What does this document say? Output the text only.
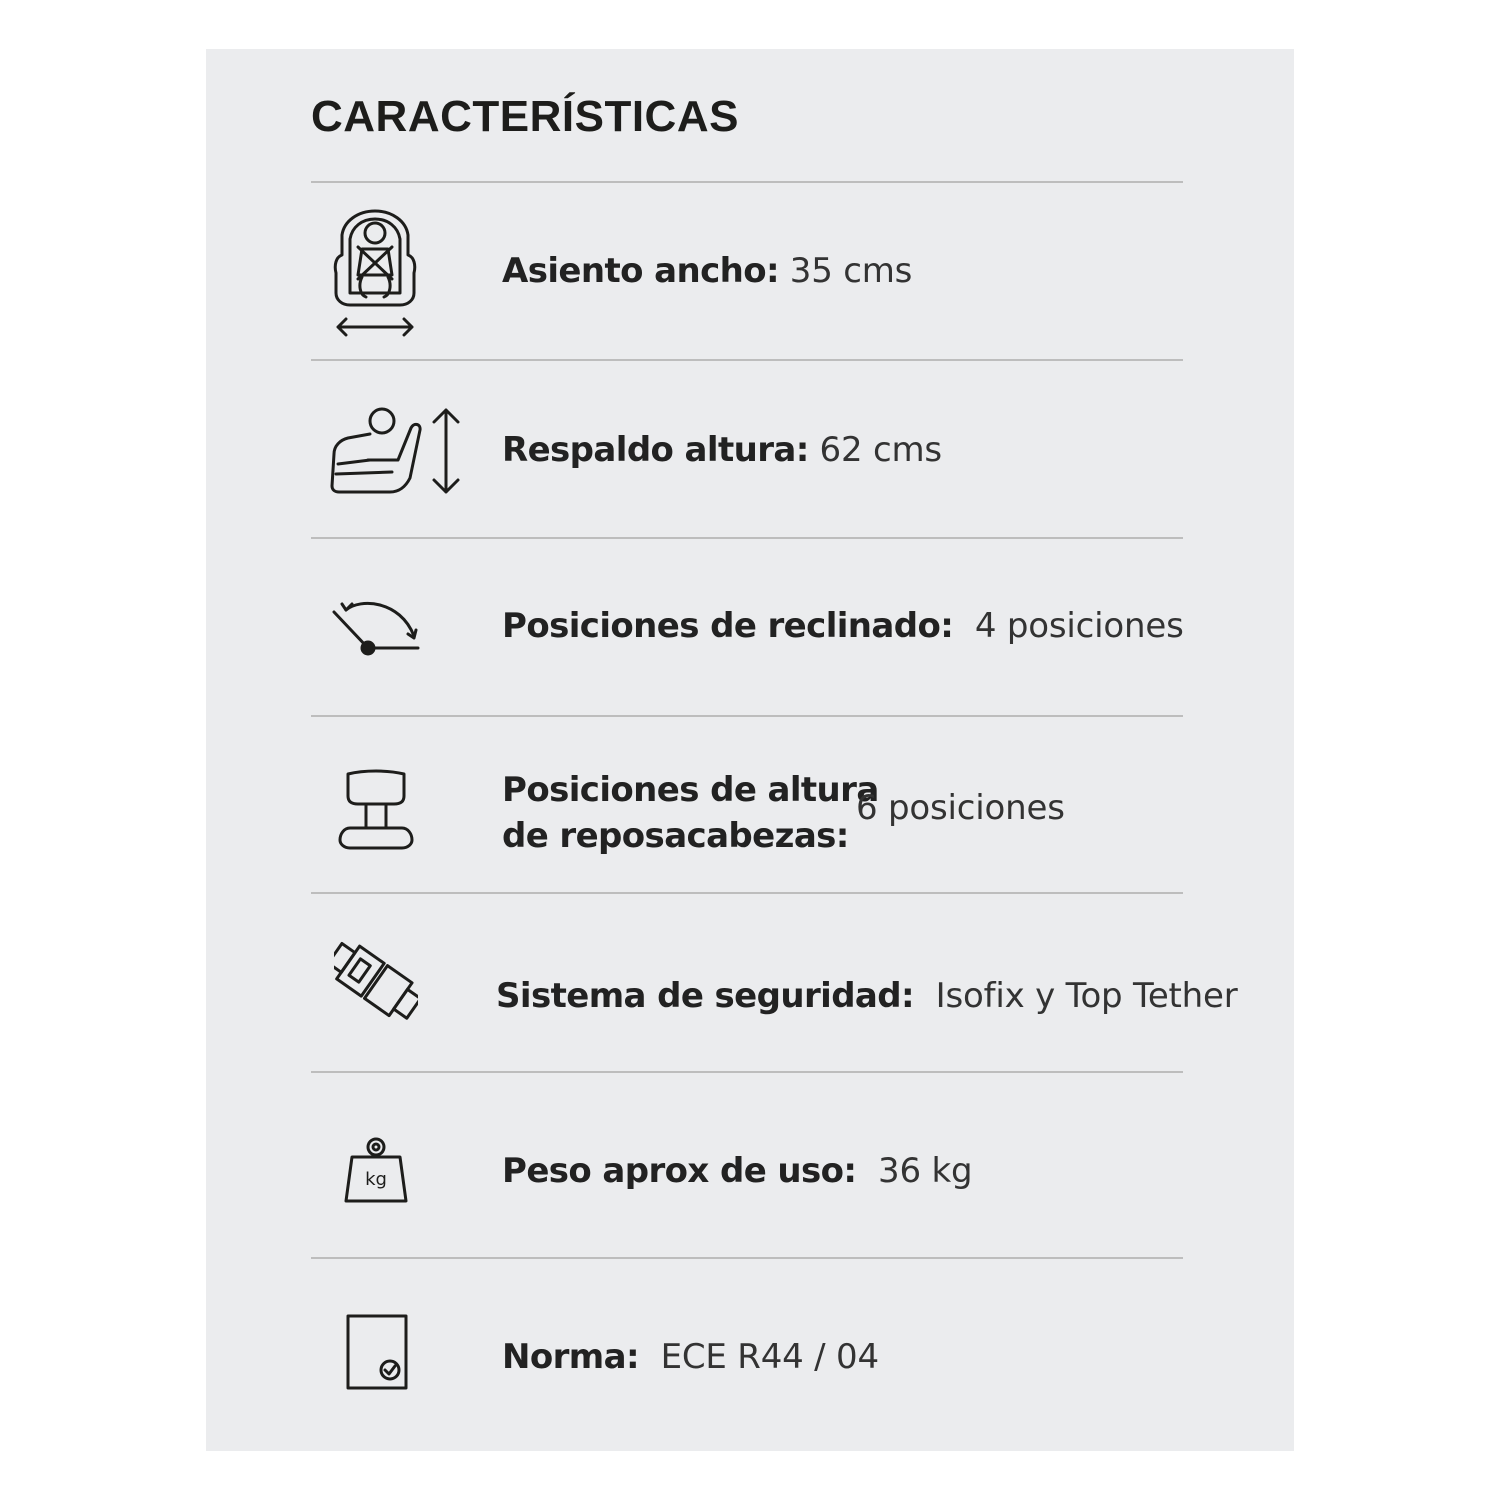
CARACTERÍSTICAS
Asiento ancho: 35 cms
Respaldo altura: 62 cms
Posiciones de reclinado: 4 posiciones
Posiciones de altura
de reposacabezas:
6 posiciones
Sistema de seguridad: Isofix y Top Tether
kg	Peso aprox de uso: 36 kg
Norma: ECE R44 / 04
